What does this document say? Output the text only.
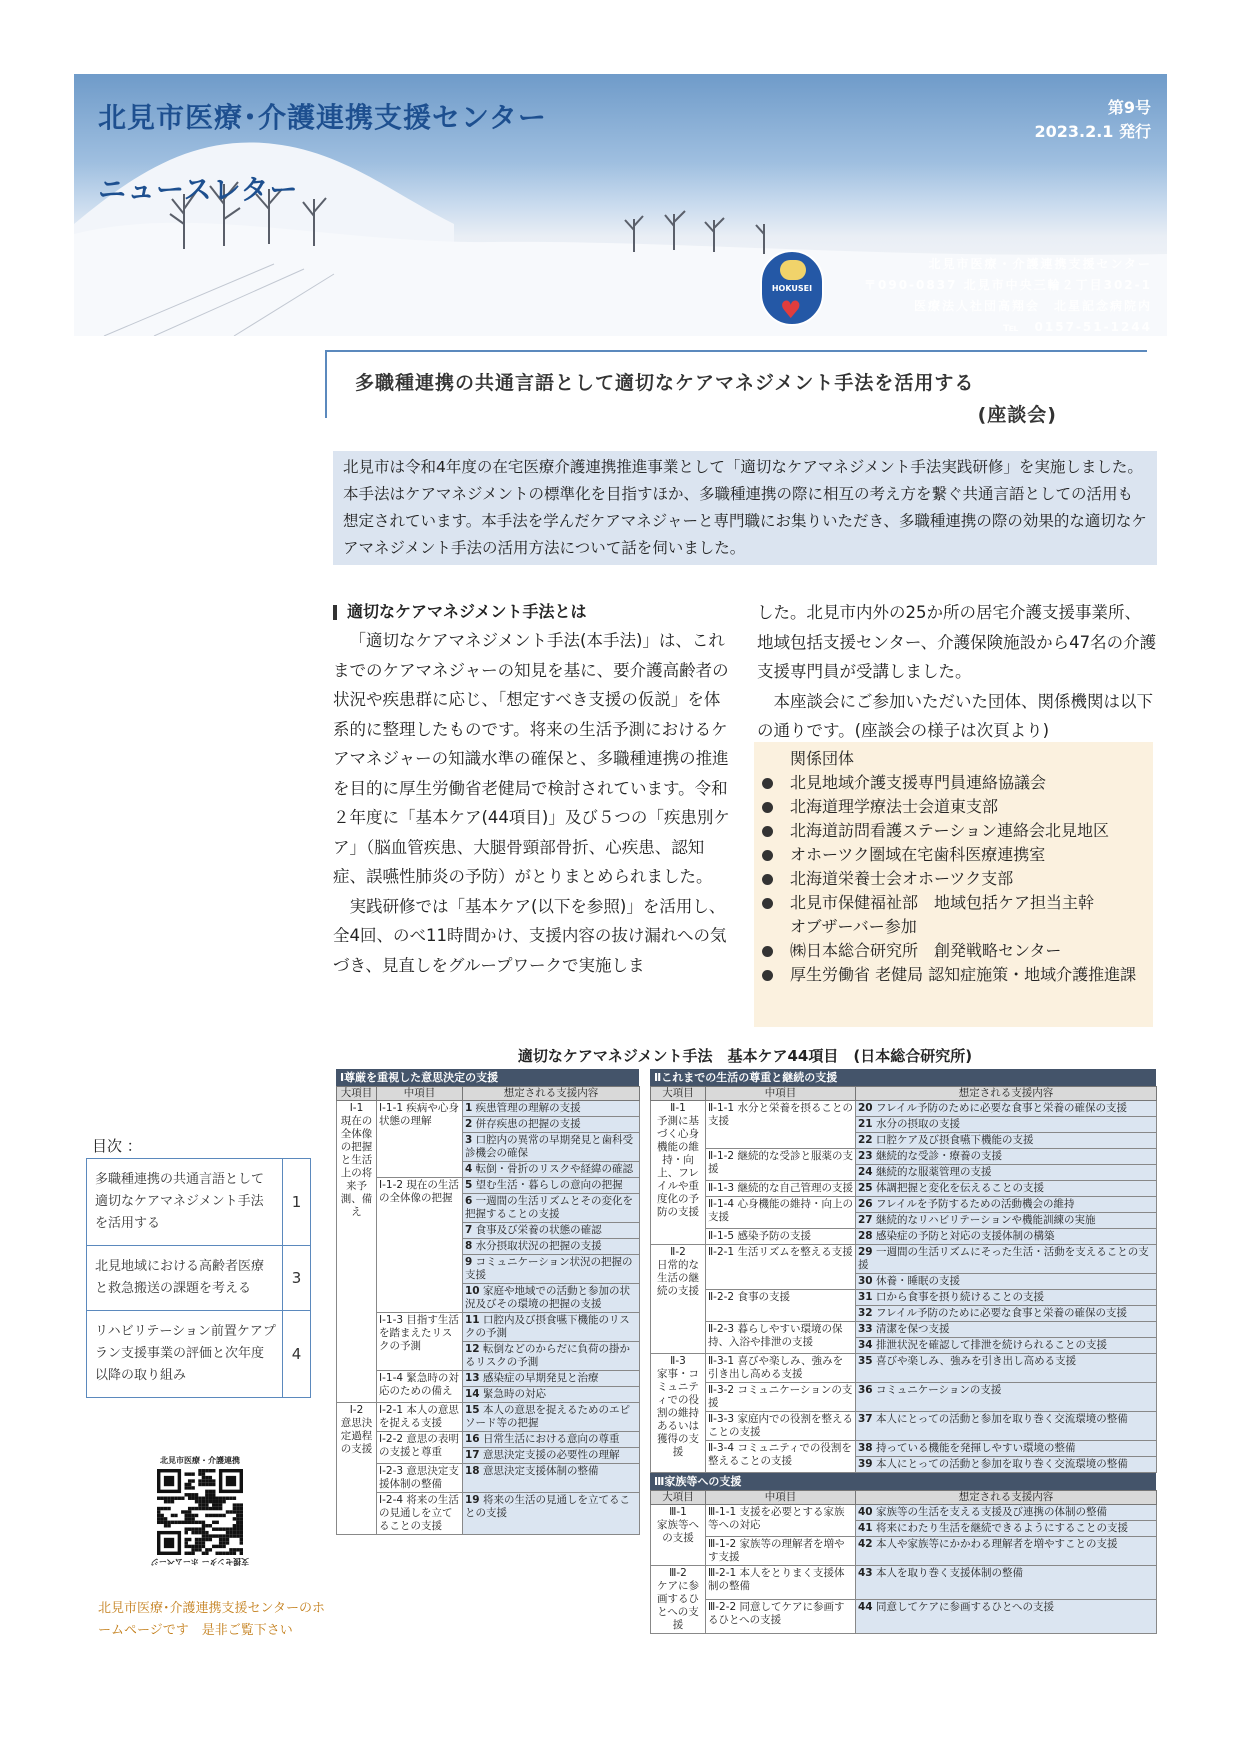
北見市医療･介護連携支援センター
ニュースレター
第9号
2023.2.1 発行
HOKUSEI
♥
北見市医療・介護連携支援センター
〒090-0837 北見市中央三輪２丁目302-1
医療法人社団高翔会　北星記念病院内
℡　0157-51-1244
多職種連携の共通言語として適切なケアマネジメント手法を活用する
(座談会)
北見市は令和4年度の在宅医療介護連携推進事業として「適切なケアマネジメント手法実践研修」を実施しました。本手法はケアマネジメントの標準化を目指すほか、多職種連携の際に相互の考え方を繋ぐ共通言語としての活用も想定されています。本手法を学んだケアマネジャーと専門職にお集りいただき、多職種連携の際の効果的な適切なケアマネジメント手法の活用方法について話を伺いました。
適切なケアマネジメント手法とは

「適切なケアマネジメント手法(本手法)」は、これまでのケアマネジャーの知見を基に、要介護高齢者の状況や疾患群に応じ、「想定すべき支援の仮説」を体系的に整理したものです。将来の生活予測におけるケアマネジャーの知識水準の確保と、多職種連携の推進を目的に厚生労働省老健局で検討されています。令和２年度に「基本ケア(44項目)」及び５つの「疾患別ケア」（脳血管疾患、大腿骨頸部骨折、心疾患、認知症、誤嚥性肺炎の予防）がとりまとめられました。

実践研修では「基本ケア(以下を参照)」を活用し、全4回、のべ11時間かけ、支援内容の抜け漏れへの気づき、見直しをグループワークで実施しま

した。北見市内外の25か所の居宅介護支援事業所、地域包括支援センター、介護保険施設から47名の介護支援専門員が受講しました。

本座談会にご参加いただいた団体、関係機関は以下の通りです。(座談会の様子は次頁より)

関係団体
北見地域介護支援専門員連絡協議会
北海道理学療法士会道東支部
北海道訪問看護ステーション連絡会北見地区
オホーツク圏域在宅歯科医療連携室
北海道栄養士会オホーツク支部
北見市保健福祉部　地域包括ケア担当主幹
オブザーバー参加
㈱日本総合研究所　創発戦略センター
厚生労働省 老健局 認知症施策・地域介護推進課
適切なケアマネジメント手法　基本ケア44項目　(日本総合研究所)
Ⅰ尊厳を重視した意思決定の支援
大項目	中項目	想定される支援内容
Ⅰ-1
現在の全体像の把握と生活上の将来予測、備え	Ⅰ-1-1 疾病や心身状態の理解	1 疾患管理の理解の支援
		2 併存疾患の把握の支援
		3 口腔内の異常の早期発見と歯科受診機会の確保
		4 転倒・骨折のリスクや経緯の確認
	Ⅰ-1-2 現在の生活の全体像の把握	5 望む生活・暮らしの意向の把握
		6 一週間の生活リズムとその変化を把握することの支援
		7 食事及び栄養の状態の確認
		8 水分摂取状況の把握の支援
		9 コミュニケーション状況の把握の支援
		10 家庭や地域での活動と参加の状況及びその環境の把握の支援
	Ⅰ-1-3 目指す生活を踏まえたリスクの予測	11 口腔内及び摂食嚥下機能のリスクの予測
		12 転倒などのからだに負荷の掛かるリスクの予測
	Ⅰ-1-4 緊急時の対応のための備え	13 感染症の早期発見と治療
		14 緊急時の対応
Ⅰ-2
意思決定過程の支援	Ⅰ-2-1 本人の意思を捉える支援	15 本人の意思を捉えるためのエピソード等の把握
	Ⅰ-2-2 意思の表明の支援と尊重	16 日常生活における意向の尊重
		17 意思決定支援の必要性の理解
	Ⅰ-2-3 意思決定支援体制の整備	18 意思決定支援体制の整備
	Ⅰ-2-4 将来の生活の見通しを立てることの支援	19 将来の生活の見通しを立てることの支援
Ⅱこれまでの生活の尊重と継続の支援
大項目	中項目	想定される支援内容
Ⅱ-1
予測に基づく心身機能の維持・向上、フレイルや重度化の予防の支援	Ⅱ-1-1 水分と栄養を摂ることの支援	20 フレイル予防のために必要な食事と栄養の確保の支援
		21 水分の摂取の支援
		22 口腔ケア及び摂食嚥下機能の支援
	Ⅱ-1-2 継続的な受診と服薬の支援	23 継続的な受診・療養の支援
		24 継続的な服薬管理の支援
	Ⅱ-1-3 継続的な自己管理の支援	25 体調把握と変化を伝えることの支援
	Ⅱ-1-4 心身機能の維持・向上の支援	26 フレイルを予防するための活動機会の維持
		27 継続的なリハビリテーションや機能訓練の実施
	Ⅱ-1-5 感染予防の支援	28 感染症の予防と対応の支援体制の構築
Ⅱ-2
日常的な生活の継続の支援	Ⅱ-2-1 生活リズムを整える支援	29 一週間の生活リズムにそった生活・活動を支えることの支援
		30 休養・睡眠の支援
	Ⅱ-2-2 食事の支援	31 口から食事を摂り続けることの支援
		32 フレイル予防のために必要な食事と栄養の確保の支援
	Ⅱ-2-3 暮らしやすい環境の保持、入浴や排泄の支援	33 清潔を保つ支援
		34 排泄状況を確認して排泄を続けられることの支援
Ⅱ-3
家事・コミュニティでの役割の維持あるいは獲得の支援	Ⅱ-3-1 喜びや楽しみ、強みを引き出し高める支援	35 喜びや楽しみ、強みを引き出し高める支援
	Ⅱ-3-2 コミュニケーションの支援	36 コミュニケーションの支援
	Ⅱ-3-3 家庭内での役割を整えることの支援	37 本人にとっての活動と参加を取り巻く交流環境の整備
	Ⅱ-3-4 コミュニティでの役割を整えることの支援	38 持っている機能を発揮しやすい環境の整備
		39 本人にとっての活動と参加を取り巻く交流環境の整備
Ⅲ家族等への支援
大項目	中項目	想定される支援内容
Ⅲ-1
家族等への支援	Ⅲ-1-1 支援を必要とする家族等への対応	40 家族等の生活を支える支援及び連携の体制の整備
		41 将来にわたり生活を継続できるようにすることの支援
	Ⅲ-1-2 家族等の理解者を増やす支援	42 本人や家族等にかかわる理解者を増やすことの支援
Ⅲ-2
ケアに参画するひとへの支援	Ⅲ-2-1 本人をとりまく支援体制の整備	43 本人を取り巻く支援体制の整備
	Ⅲ-2-2 同意してケアに参画するひとへの支援	44 同意してケアに参画するひとへの支援
目次 ：
多職種連携の共通言語として適切なケアマネジメント手法を活用する
1
北見地域における高齢者医療と救急搬送の課題を考える
3
リハビリテーション前置ケアプラン支援事業の評価と次年度以降の取り組み
4
北見市医療・介護連携
支援センター ホームページ
北見市医療･介護連携支援センターのホームページです　是非ご覧下さい
